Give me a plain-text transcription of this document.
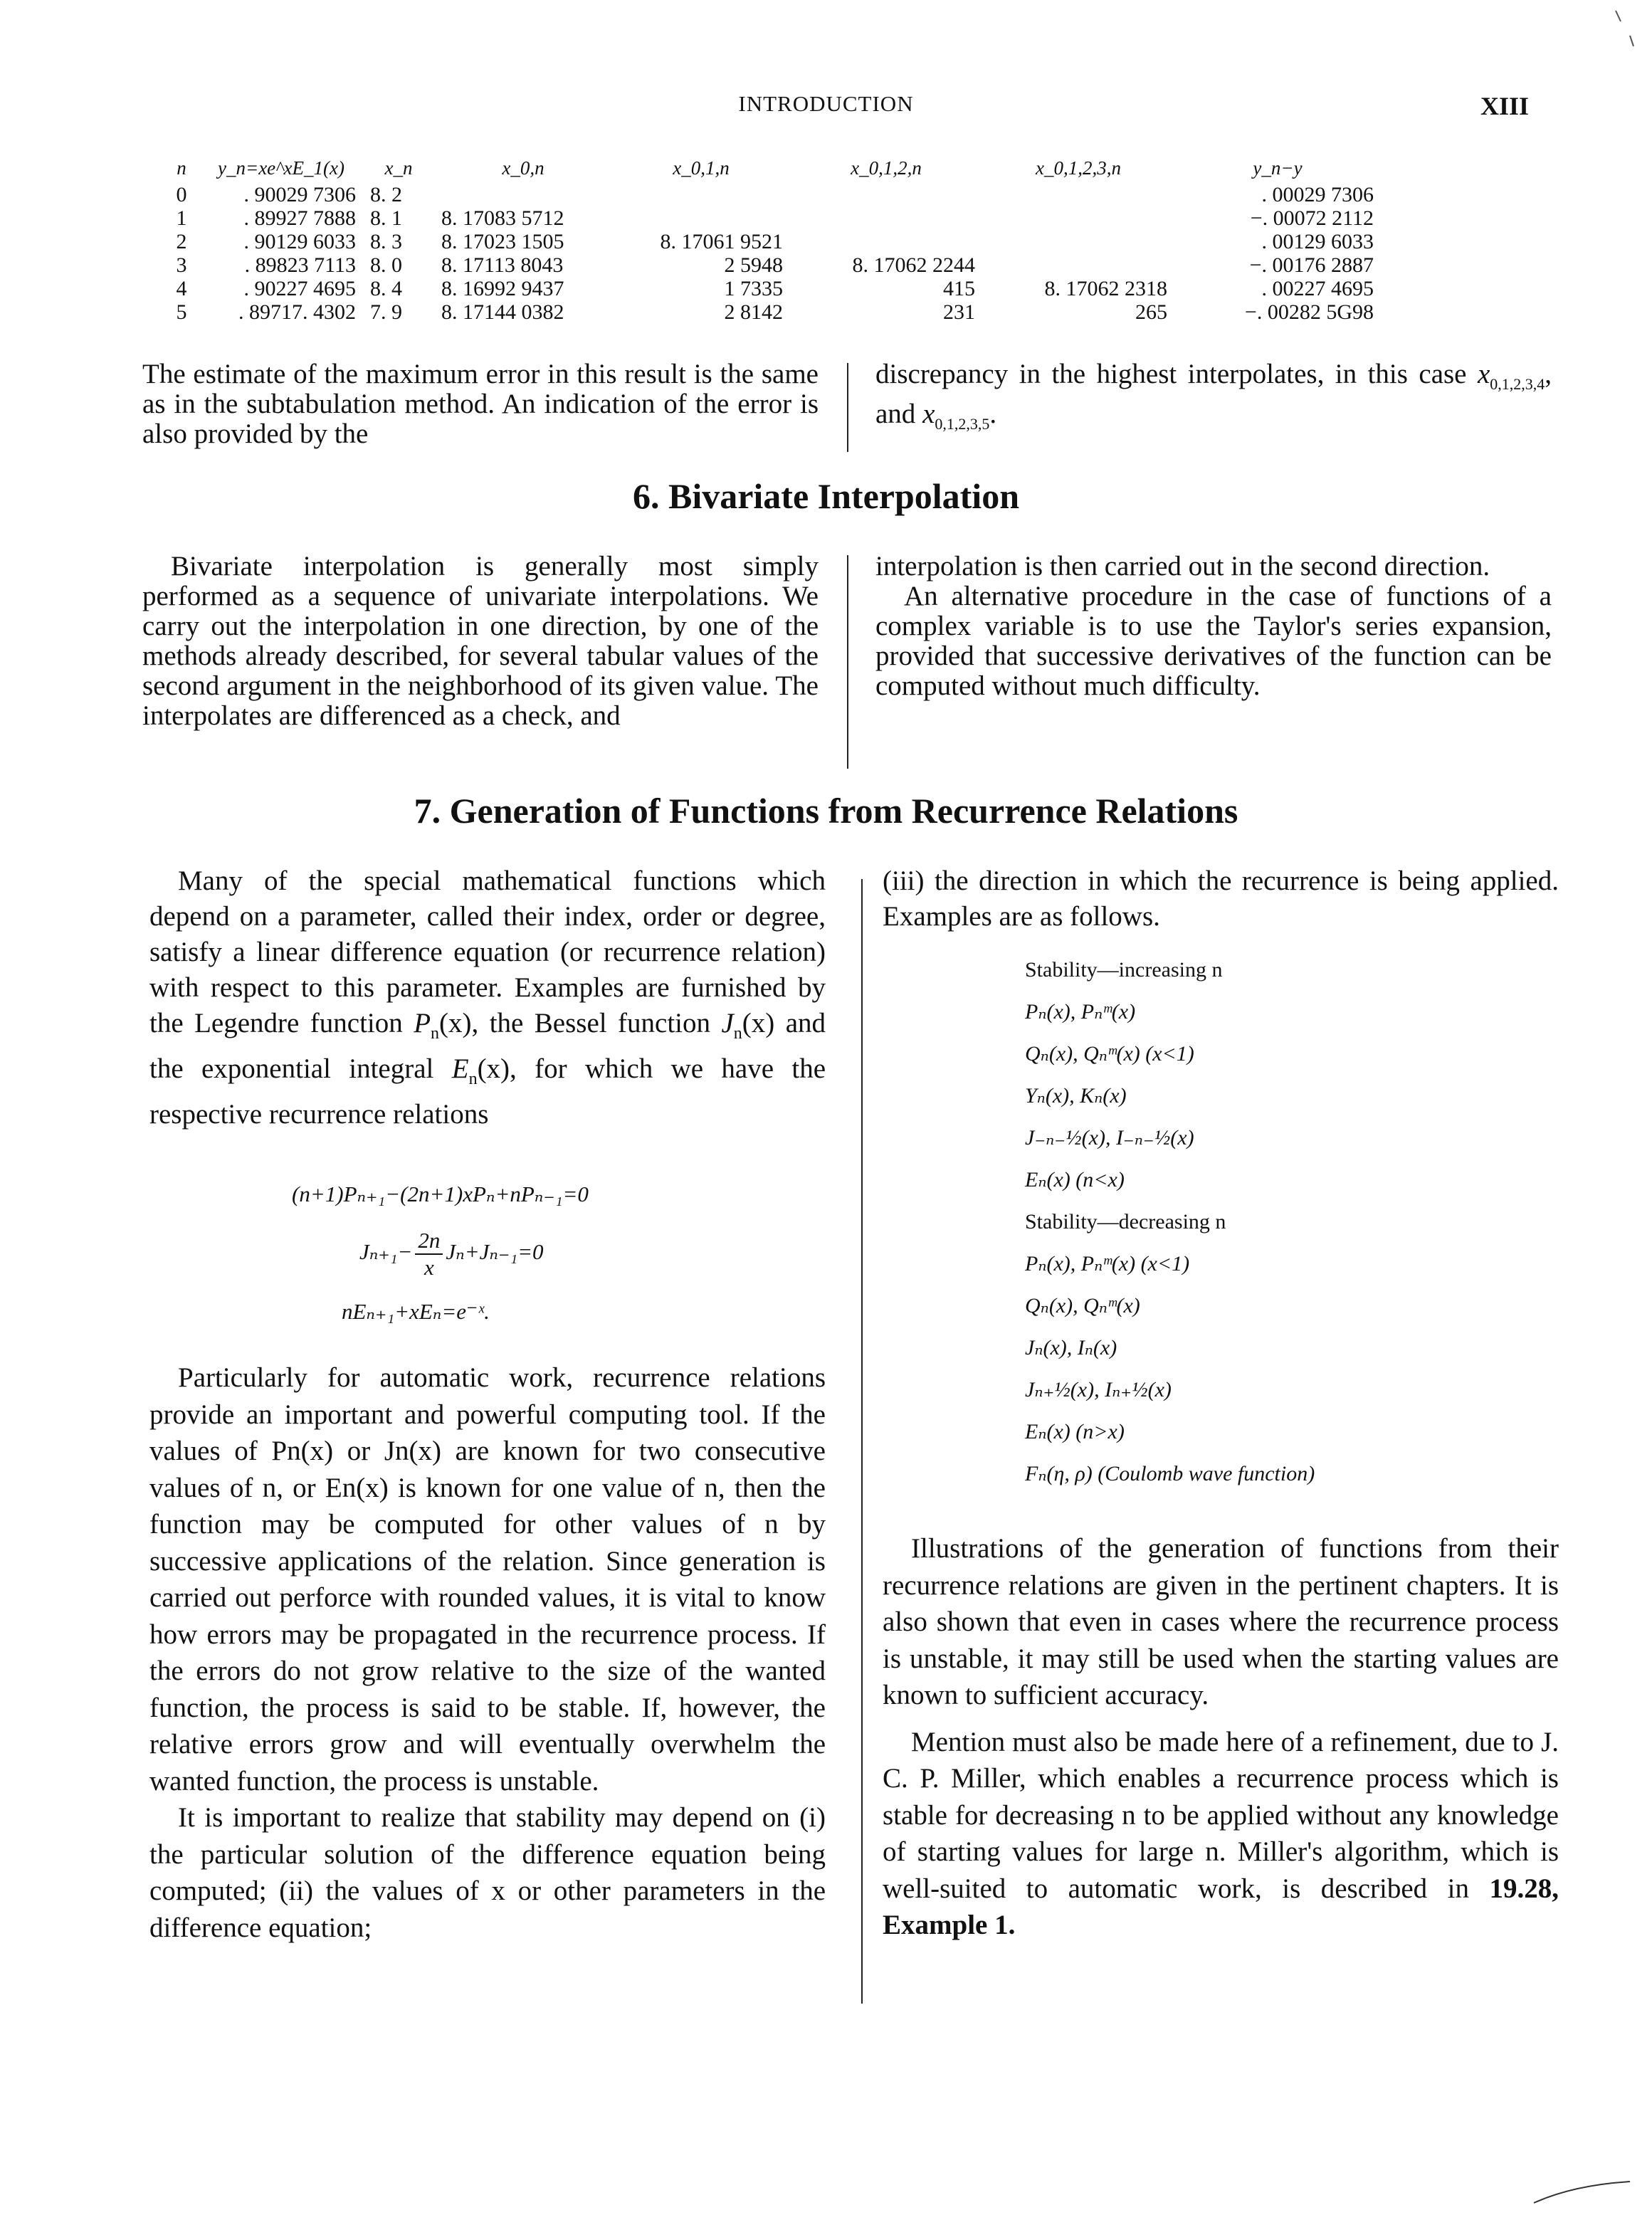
INTRODUCTION	XIII
n	y_n=xe^xE_1(x)	x_n	x_0,n	x_0,1,n	x_0,1,2,n	x_0,1,2,3,n	y_n−y
0	. 90029 7306	8. 2					. 00029 7306
1	. 89927 7888	8. 1	8. 17083 5712				−. 00072 2112
2	. 90129 6033	8. 3	8. 17023 1505	8. 17061 9521			. 00129 6033
3	. 89823 7113	8. 0	8. 17113 8043	2 5948	8. 17062 2244		−. 00176 2887
4	. 90227 4695	8. 4	8. 16992 9437	1 7335	415	8. 17062 2318	. 00227 4695
5	. 89717. 4302	7. 9	8. 17144 0382	2 8142	231	265	−. 00282 5G98

The estimate of the maximum error in this result is the same as in the subtabulation method. An indication of the error is also provided by the

discrepancy in the highest interpolates, in this case $x_{0,1,2,3,4}$, and $x_{0,1,2,3,5}$.

6. Bivariate Interpolation

Bivariate interpolation is generally most simply performed as a sequence of univariate interpolations. We carry out the interpolation in one direction, by one of the methods already described, for several tabular values of the second argument in the neighborhood of its given value. The interpolates are differenced as a check, and

interpolation is then carried out in the second direction.

An alternative procedure in the case of functions of a complex variable is to use the Taylor's series expansion, provided that successive derivatives of the function can be computed without much difficulty.

7. Generation of Functions from Recurrence Relations

Many of the special mathematical functions which depend on a parameter, called their index, order or degree, satisfy a linear difference equation (or recurrence relation) with respect to this parameter. Examples are furnished by the Legendre function $P_n(x)$, the Bessel function $J_n(x)$ and the exponential integral $E_n(x)$, for which we have the respective recurrence relations

(n+1)Pₙ₊₁−(2n+1)xPₙ+nPₙ₋₁=0
$J_{n+1}- \frac{2n}{x} J_n+J_{n-1}=0$
nEₙ₊₁+xEₙ=e⁻ˣ.

Particularly for automatic work, recurrence relations provide an important and powerful computing tool. If the values of Pn(x) or Jn(x) are known for two consecutive values of n, or En(x) is known for one value of n, then the function may be computed for other values of n by successive applications of the relation. Since generation is carried out perforce with rounded values, it is vital to know how errors may be propagated in the recurrence process. If the errors do not grow relative to the size of the wanted function, the process is said to be stable. If, however, the relative errors grow and will eventually overwhelm the wanted function, the process is unstable.

It is important to realize that stability may depend on (i) the particular solution of the difference equation being computed; (ii) the values of x or other parameters in the difference equation;

(iii) the direction in which the recurrence is being applied. Examples are as follows.

Stability—increasing n
Pₙ(x), Pₙᵐ(x)
Qₙ(x), Qₙᵐ(x) (x<1)
Yₙ(x), Kₙ(x)
J₋ₙ₋½(x), I₋ₙ₋½(x)
Eₙ(x) (n<x)
Stability—decreasing n
Pₙ(x), Pₙᵐ(x) (x<1)
Qₙ(x), Qₙᵐ(x)
Jₙ(x), Iₙ(x)
Jₙ₊½(x), Iₙ₊½(x)
Eₙ(x) (n>x)
Fₙ(η, ρ) (Coulomb wave function)

Illustrations of the generation of functions from their recurrence relations are given in the pertinent chapters. It is also shown that even in cases where the recurrence process is unstable, it may still be used when the starting values are known to sufficient accuracy.

Mention must also be made here of a refinement, due to J. C. P. Miller, which enables a recurrence process which is stable for decreasing n to be applied without any knowledge of starting values for large n. Miller's algorithm, which is well-suited to automatic work, is described in 19.28, Example 1.
